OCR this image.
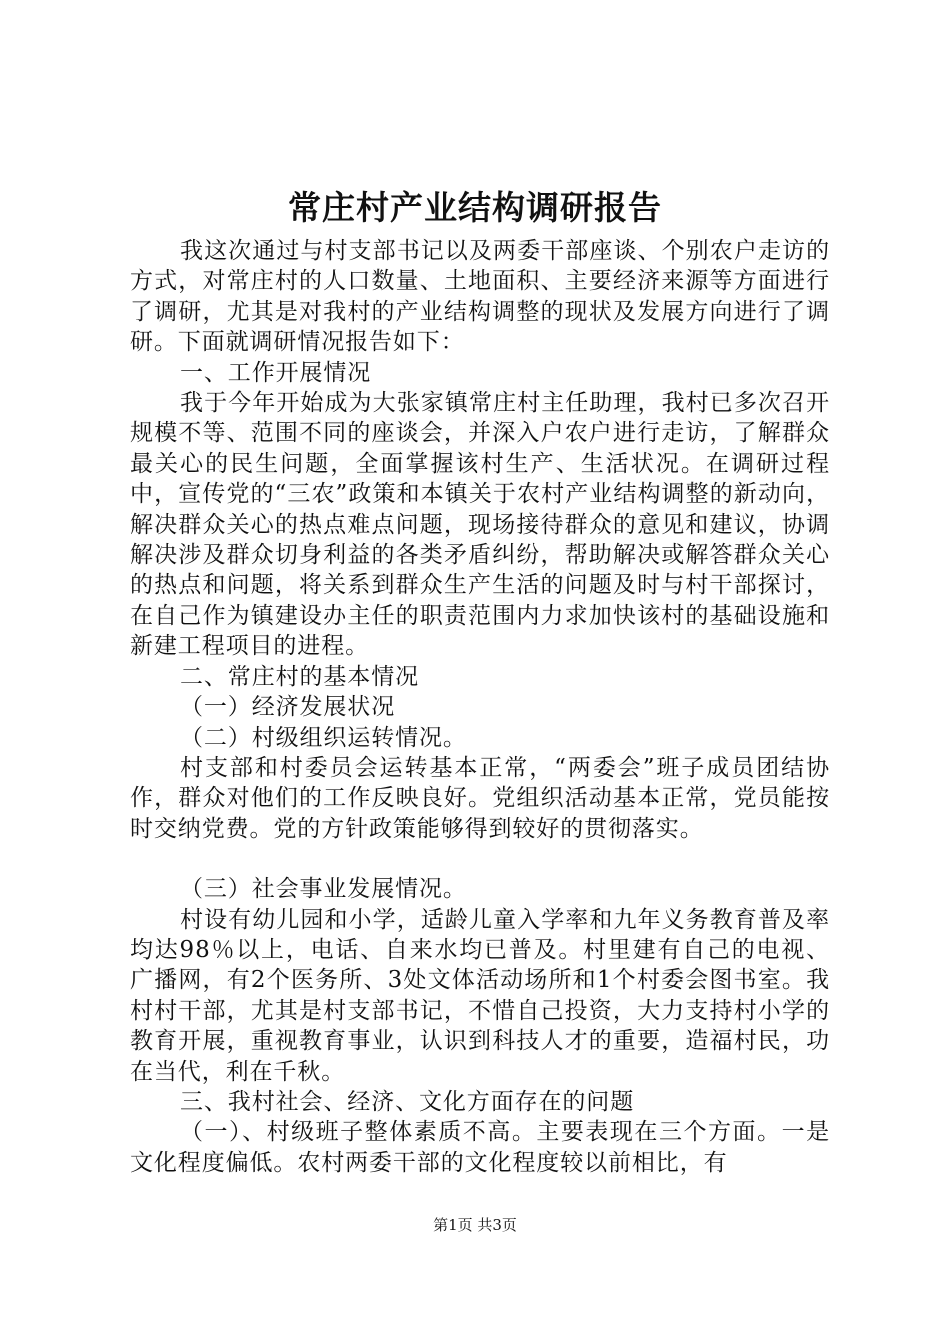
常庄村产业结构调研报告

我这次通过与村支部书记以及两委干部座谈、个别农户走访的方式，对常庄村的人口数量、土地面积、主要经济来源等方面进行了调研，尤其是对我村的产业结构调整的现状及发展方向进行了调研。下面就调研情况报告如下：

一、工作开展情况

我于今年开始成为大张家镇常庄村主任助理，我村已多次召开规模不等、范围不同的座谈会，并深入户农户进行走访，了解群众最关心的民生问题，全面掌握该村生产、生活状况。在调研过程中，宣传党的“三农”政策和本镇关于农村产业结构调整的新动向，解决群众关心的热点难点问题，现场接待群众的意见和建议，协调解决涉及群众切身利益的各类矛盾纠纷，帮助解决或解答群众关心的热点和问题，将关系到群众生产生活的问题及时与村干部探讨，在自己作为镇建设办主任的职责范围内力求加快该村的基础设施和新建工程项目的进程。

二、常庄村的基本情况

（一）经济发展状况

（二）村级组织运转情况。

村支部和村委员会运转基本正常，“两委会”班子成员团结协作，群众对他们的工作反映良好。党组织活动基本正常，党员能按时交纳党费。党的方针政策能够得到较好的贯彻落实。

（三）社会事业发展情况。

村设有幼儿园和小学，适龄儿童入学率和九年义务教育普及率均达98％以上，电话、自来水均已普及。村里建有自己的电视、广播网，有2个医务所、3处文体活动场所和1个村委会图书室。我村村干部，尤其是村支部书记，不惜自己投资，大力支持村小学的教育开展，重视教育事业，认识到科技人才的重要，造福村民，功在当代，利在千秋。

三、我村社会、经济、文化方面存在的问题

（一）、村级班子整体素质不高。主要表现在三个方面。一是文化程度偏低。农村两委干部的文化程度较以前相比，有

第1页 共3页
